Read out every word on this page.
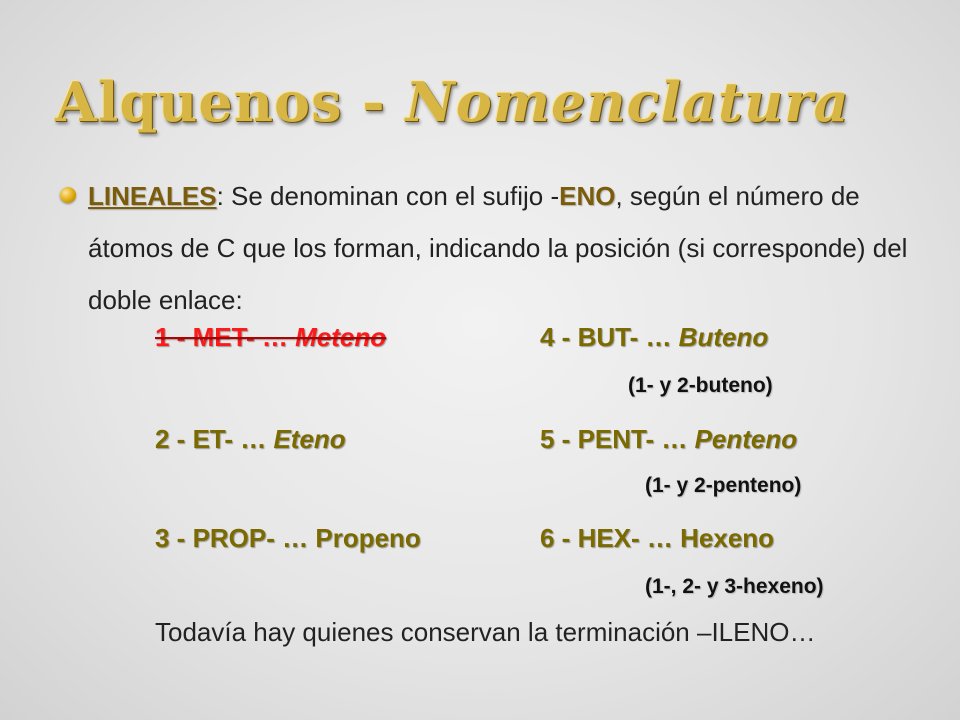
Alquenos - Nomenclatura
LINEALES: Se denominan con el sufijo -ENO, según el número de átomos de C que los forman, indicando la posición (si corresponde) del doble enlace:
1 - MET- … Meteno
2 - ET- … Eteno
3 - PROP- … Propeno
4 - BUT- … Buteno
(1- y 2-buteno)
5 - PENT- … Penteno
(1- y 2-penteno)
6 - HEX- … Hexeno
(1-, 2- y 3-hexeno)
Todavía hay quienes conservan la terminación –ILENO…
